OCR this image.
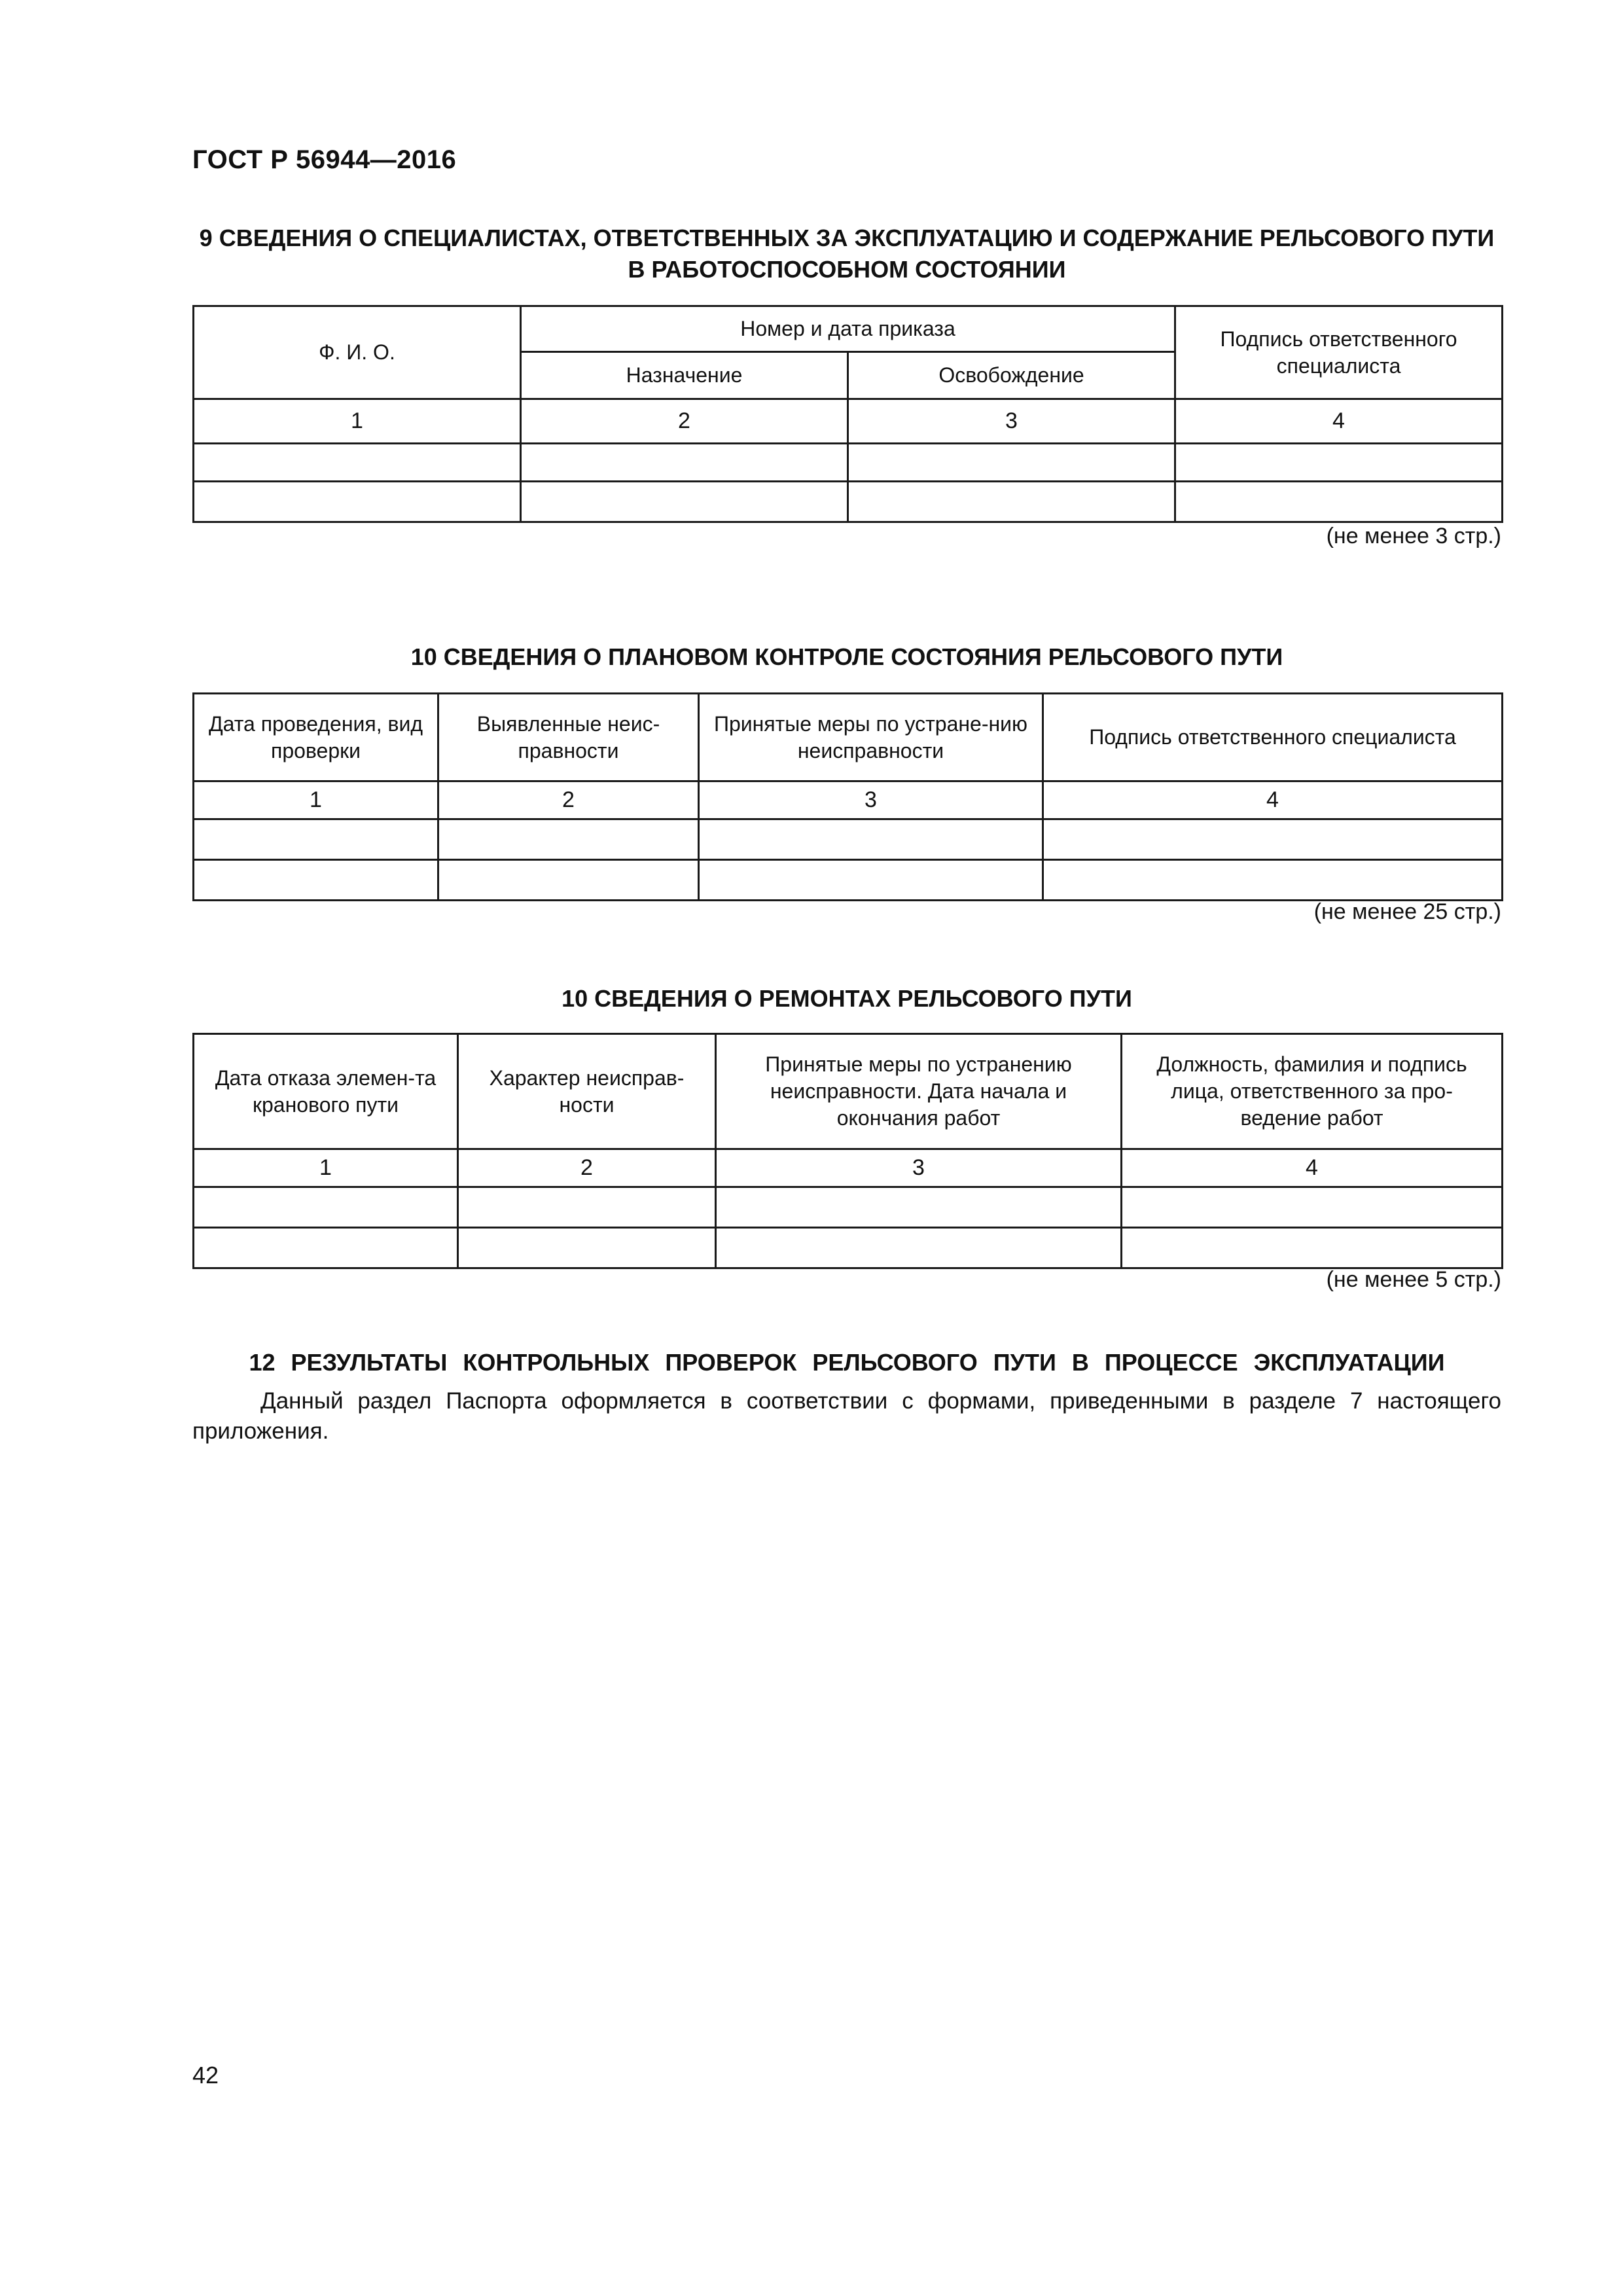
ГОСТ Р 56944—2016
9 СВЕДЕНИЯ О СПЕЦИАЛИСТАХ, ОТВЕТСТВЕННЫХ ЗА ЭКСПЛУАТАЦИЮ И СОДЕРЖАНИЕ РЕЛЬСОВОГО ПУТИ В РАБОТОСПОСОБНОМ СОСТОЯНИИ
Ф. И. О.	Номер и дата приказа		Подпись ответственного специалиста
	Назначение	Освобождение	
1	2	3	4

(не менее 3 стр.)
10 СВЕДЕНИЯ О ПЛАНОВОМ КОНТРОЛЕ СОСТОЯНИЯ РЕЛЬСОВОГО ПУТИ
Дата проведения, вид проверки	Выявленные неис-правности	Принятые меры по устране-нию неисправности	Подпись ответственного специалиста
1	2	3	4

(не менее 25 стр.)
10 СВЕДЕНИЯ О РЕМОНТАХ РЕЛЬСОВОГО ПУТИ
Дата отказа элемен-та кранового пути	Характер неисправ-ности	Принятые меры по устранению неисправности. Дата начала и окончания работ	Должность, фамилия и подпись лица, ответственного за про-ведение работ
1	2	3	4

(не менее 5 стр.)
12 РЕЗУЛЬТАТЫ КОНТРОЛЬНЫХ ПРОВЕРОК РЕЛЬСОВОГО ПУТИ В ПРОЦЕССЕ ЭКСПЛУАТАЦИИ
Данный раздел Паспорта оформляется в соответствии с формами, приведенными в разделе 7 настоящего приложения.
42
